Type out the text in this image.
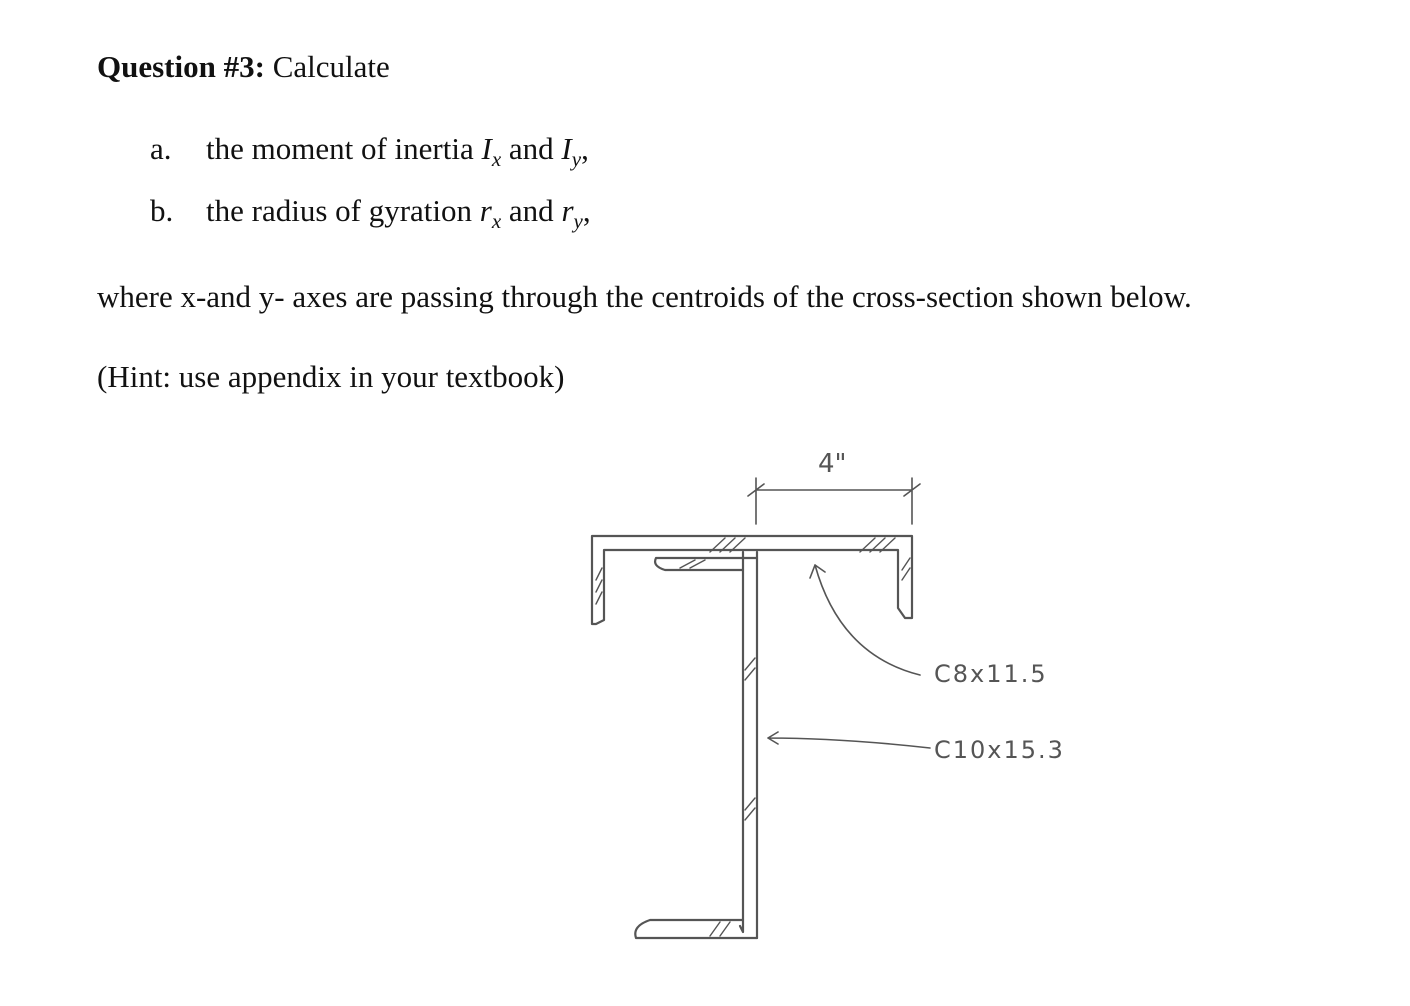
Question #3: Calculate
a. the moment of inertia $I_x$ and $I_y$,
b. the radius of gyration $r_x$ and $r_y$,
where x-and y- axes are passing through the centroids of the cross-section shown below.
(Hint: use appendix in your textbook)
4"
C8x11.5
C10x15.3
